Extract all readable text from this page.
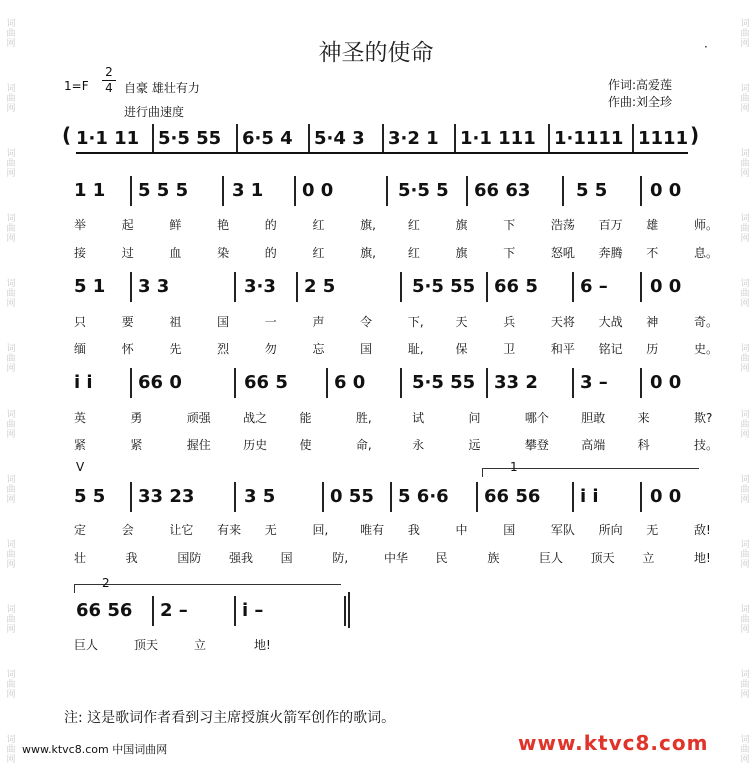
词曲网
词曲网
词曲网
词曲网
词曲网
词曲网
词曲网
词曲网
词曲网
词曲网
词曲网
词曲网
词曲网
词曲网
词曲网
词曲网
词曲网
词曲网
词曲网
词曲网
词曲网
词曲网
词曲网
词曲网
神圣的使命	·
1=F
2
4 自豪 雄壮有力
进行曲速度
作词:高爱莲
作曲:刘全珍
( 1·1 11 5·5 55 6·5 4 5·4 3 3·2 1 1·1 111 1·1111 1111 )
1 1 5 5 5 3 1 0 0	5·5 5 66 63	5 5 0 0
举	起	鲜	艳	的	红	旗,	红	旗	下	浩荡 百万 雄	师。
接	过	血	染	的	红	旗,	红	旗	下	怒吼 奔腾 不	息。
5 1 3 3	3·3 2 5	5·5 55 66 5 6 – 0 0
只	要	祖	国	一	声	令	下,	天	兵	天将 大战 神	奇。
缅	怀	先	烈	勿	忘	国	耻,	保	卫	和平 铭记 历	史。
i i	66 0	66 5	6 0	5·5 55 33 2 3 – 0 0
英	勇	顽强	战之	能	胜,	试	问	哪个	胆敢	来	欺?
紧	紧	握住	历史	使	命,	永	远	攀登	高端	科	技。
5 5 33 23	3 5	0 55 5 6·6 66 56 i i	0 0
定	会	让它 有来 无	回,	唯有 我	中	国	军队 所向 无	敌!
壮	我	国防 强我 国	防,	中华 民	族	巨人 顶天 立	地!
V	1
66 56 2 –	i –
巨人	顶天	立	地!
2
注: 这是歌词作者看到习主席授旗火箭军创作的歌词。
www.ktvc8.com 中国词曲网	www.ktvc8.com
